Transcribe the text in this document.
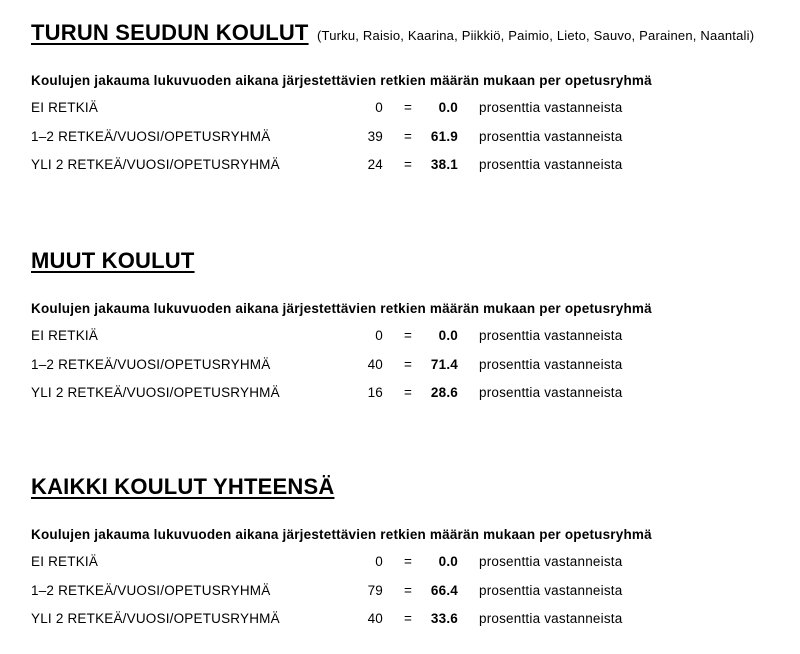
TURUN SEUDUN KOULUT (Turku, Raisio, Kaarina, Piikkiö, Paimio, Lieto, Sauvo, Parainen, Naantali)
Koulujen jakauma lukuvuoden aikana järjestettävien retkien määrän mukaan per opetusryhmä
EI RETKIÄ	0 =	0.0 prosenttia vastanneista
1–2 RETKEÄ/VUOSI/OPETUSRYHMÄ	39 =	61.9 prosenttia vastanneista
YLI 2 RETKEÄ/VUOSI/OPETUSRYHMÄ	24 =	38.1 prosenttia vastanneista
MUUT KOULUT
Koulujen jakauma lukuvuoden aikana järjestettävien retkien määrän mukaan per opetusryhmä
EI RETKIÄ	0 =	0.0 prosenttia vastanneista
1–2 RETKEÄ/VUOSI/OPETUSRYHMÄ	40 =	71.4 prosenttia vastanneista
YLI 2 RETKEÄ/VUOSI/OPETUSRYHMÄ	16 =	28.6 prosenttia vastanneista
KAIKKI KOULUT YHTEENSÄ
Koulujen jakauma lukuvuoden aikana järjestettävien retkien määrän mukaan per opetusryhmä
EI RETKIÄ	0 =	0.0 prosenttia vastanneista
1–2 RETKEÄ/VUOSI/OPETUSRYHMÄ	79 =	66.4 prosenttia vastanneista
YLI 2 RETKEÄ/VUOSI/OPETUSRYHMÄ	40 =	33.6 prosenttia vastanneista
